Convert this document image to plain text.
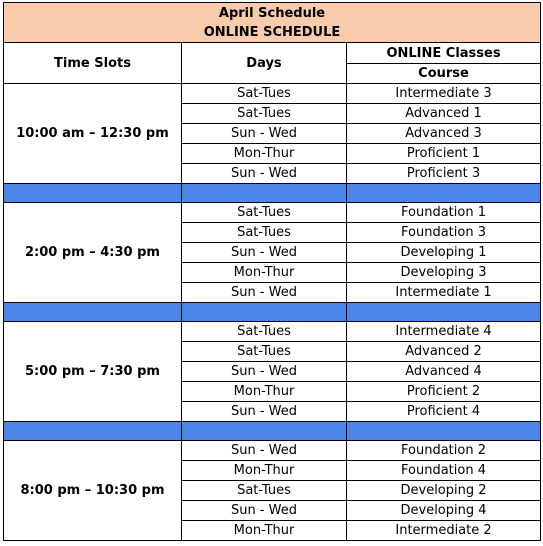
April Schedule
ONLINE SCHEDULE		

Time Slots	Days	ONLINE Classes
		Course
10:00 am – 12:30 pm	Sat-Tues	Intermediate 3
	Sat-Tues	Advanced 1
	Sun - Wed	Advanced 3
	Mon-Thur	Proficient 1
	Sun - Wed	Proficient 3

2:00 pm – 4:30 pm	Sat-Tues	Foundation 1
	Sat-Tues	Foundation 3
	Sun - Wed	Developing 1
	Mon-Thur	Developing 3
	Sun - Wed	Intermediate 1

5:00 pm – 7:30 pm	Sat-Tues	Intermediate 4
	Sat-Tues	Advanced 2
	Sun - Wed	Advanced 4
	Mon-Thur	Proficient 2
	Sun - Wed	Proficient 4

8:00 pm – 10:30 pm	Sun - Wed	Foundation 2
	Mon-Thur	Foundation 4
	Sat-Tues	Developing 2
	Sun - Wed	Developing 4
	Mon-Thur	Intermediate 2
